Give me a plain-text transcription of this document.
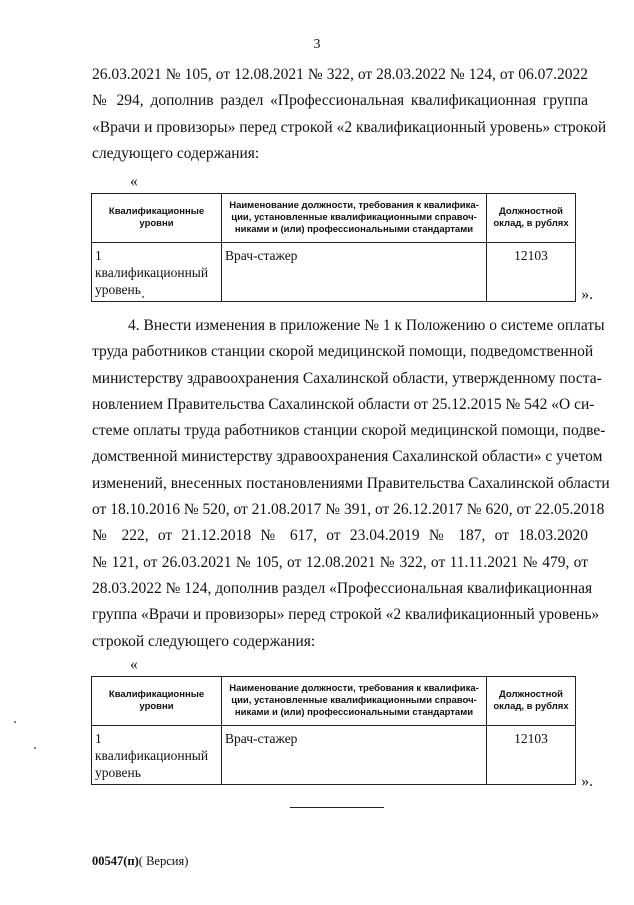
3
26.03.2021 № 105, от 12.08.2021 № 322, от 28.03.2022 № 124, от 06.07.2022
№ 294, дополнив раздел «Профессиональная квалификационная группа
«Врачи и провизоры» перед строкой «2 квалификационный уровень» строкой
следующего содержания:
«
Квалификационные уровни	Наименование должности, требования к квалифика-ции, установленные квалификационными справоч-никами и (или) профессиональными стандартами	Должностной оклад, в рублях
1 квалификационный уровень	Врач-стажер	12103
».
4. Внести изменения в приложение № 1 к Положению о системе оплаты
труда работников станции скорой медицинской помощи, подведомственной
министерству здравоохранения Сахалинской области, утвержденному поста-
новлением Правительства Сахалинской области от 25.12.2015 № 542 «О си-
стеме оплаты труда работников станции скорой медицинской помощи, подве-
домственной министерству здравоохранения Сахалинской области» с учетом
изменений, внесенных постановлениями Правительства Сахалинской области
от 18.10.2016 № 520, от 21.08.2017 № 391, от 26.12.2017 № 620, от 22.05.2018
№ 222, от 21.12.2018 № 617, от 23.04.2019 № 187, от 18.03.2020
№ 121, от 26.03.2021 № 105, от 12.08.2021 № 322, от 11.11.2021 № 479, от
28.03.2022 № 124, дополнив раздел «Профессиональная квалификационная
группа «Врачи и провизоры» перед строкой «2 квалификационный уровень»
строкой следующего содержания:
«
Квалификационные уровни	Наименование должности, требования к квалифика-ции, установленные квалификационными справоч-никами и (или) профессиональными стандартами	Должностной оклад, в рублях
1 квалификационный уровень	Врач-стажер	12103
».
00547(п)( Версия)
